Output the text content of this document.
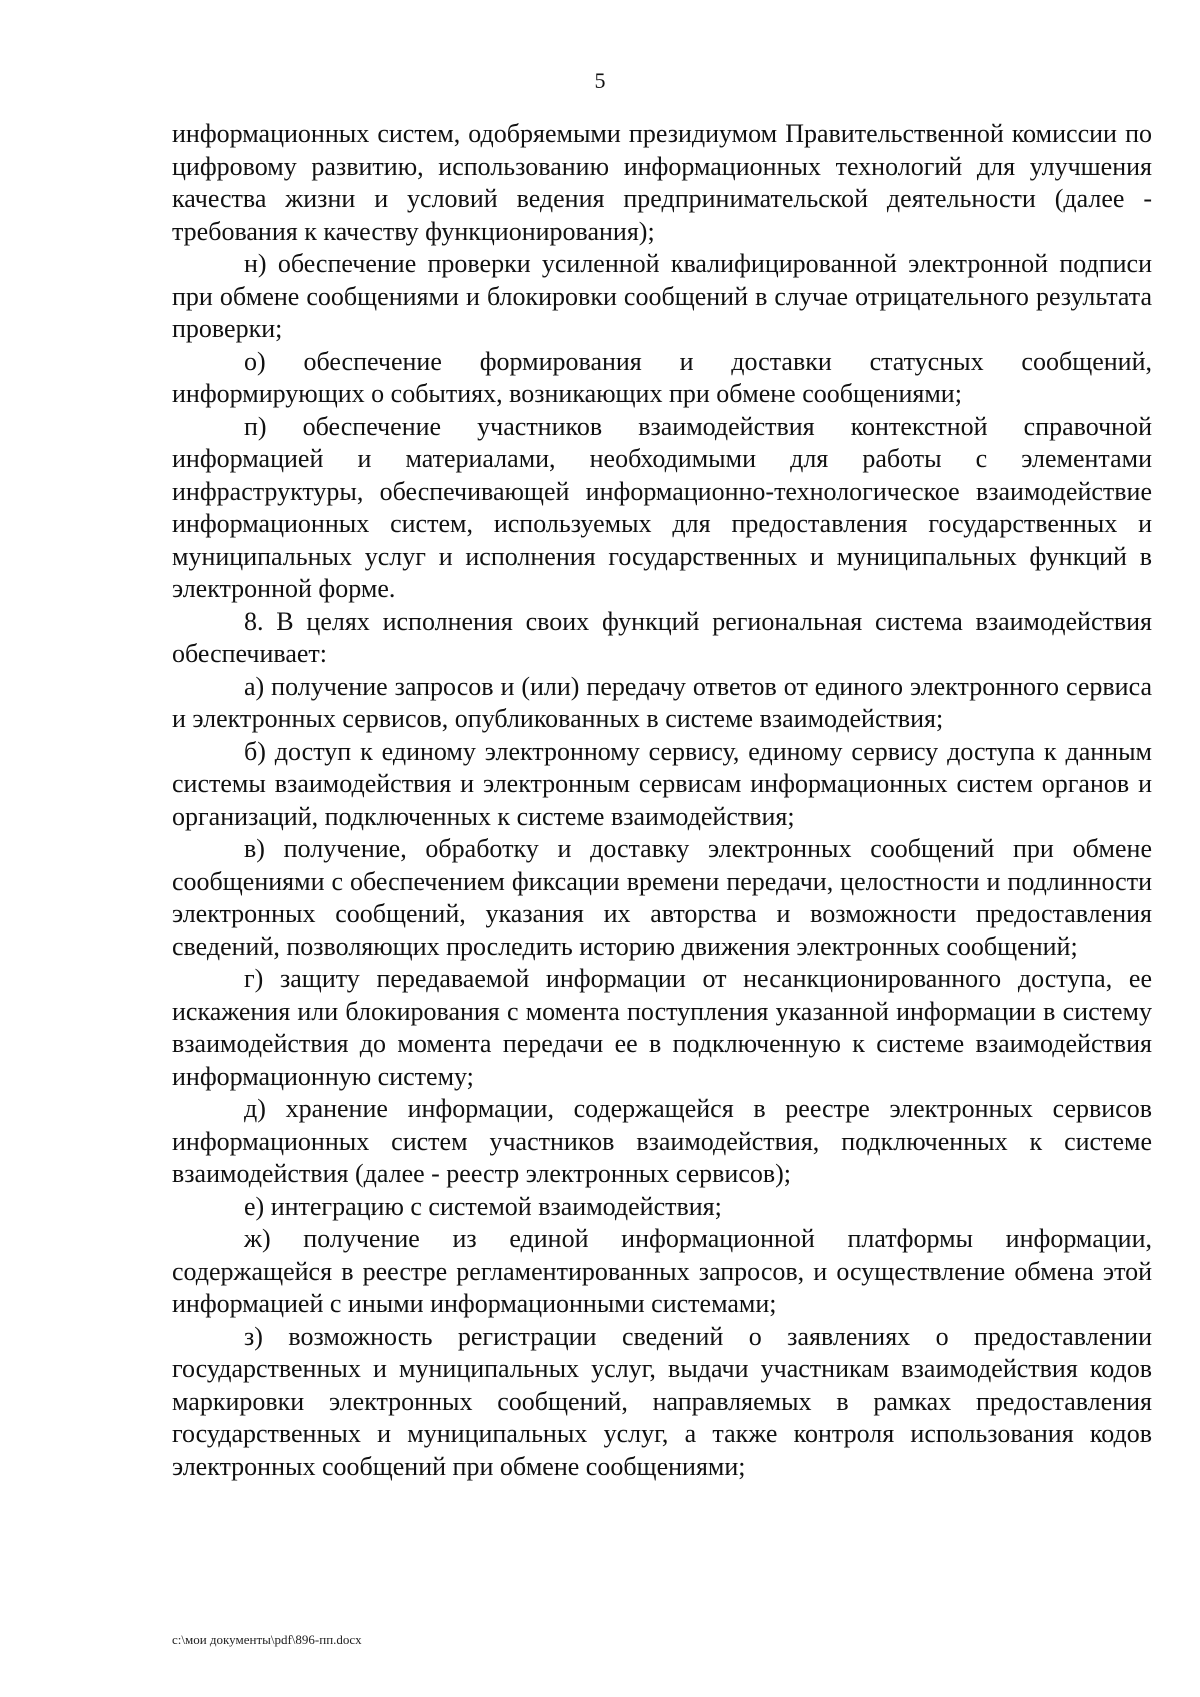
5

информационных систем, одобряемыми президиумом Правительственной комиссии по цифровому развитию, использованию информационных технологий для улучшения качества жизни и условий ведения предпринимательской деятельности (далее - требования к качеству функционирования);

н) обеспечение проверки усиленной квалифицированной электронной подписи при обмене сообщениями и блокировки сообщений в случае отрицательного результата проверки;

о) обеспечение формирования и доставки статусных сообщений, информирующих о событиях, возникающих при обмене сообщениями;

п) обеспечение участников взаимодействия контекстной справочной информацией и материалами, необходимыми для работы с элементами инфраструктуры, обеспечивающей информационно-технологическое взаимодействие информационных систем, используемых для предоставления государственных и муниципальных услуг и исполнения государственных и муниципальных функций в электронной форме.

8. В целях исполнения своих функций региональная система взаимодействия обеспечивает:

а) получение запросов и (или) передачу ответов от единого электронного сервиса и электронных сервисов, опубликованных в системе взаимодействия;

б) доступ к единому электронному сервису, единому сервису доступа к данным системы взаимодействия и электронным сервисам информационных систем органов и организаций, подключенных к системе взаимодействия;

в) получение, обработку и доставку электронных сообщений при обмене сообщениями с обеспечением фиксации времени передачи, целостности и подлинности электронных сообщений, указания их авторства и возможности предоставления сведений, позволяющих проследить историю движения электронных сообщений;

г) защиту передаваемой информации от несанкционированного доступа, ее искажения или блокирования с момента поступления указанной информации в систему взаимодействия до момента передачи ее в подключенную к системе взаимодействия информационную систему;

д) хранение информации, содержащейся в реестре электронных сервисов информационных систем участников взаимодействия, подключенных к системе взаимодействия (далее - реестр электронных сервисов);

е) интеграцию с системой взаимодействия;

ж) получение из единой информационной платформы информации, содержащейся в реестре регламентированных запросов, и осуществление обмена этой информацией с иными информационными системами;

з) возможность регистрации сведений о заявлениях о предоставлении государственных и муниципальных услуг, выдачи участникам взаимодействия кодов маркировки электронных сообщений, направляемых в рамках предоставления государственных и муниципальных услуг, а также контроля использования кодов электронных сообщений при обмене сообщениями;

c:\мои документы\pdf\896-пп.docx
